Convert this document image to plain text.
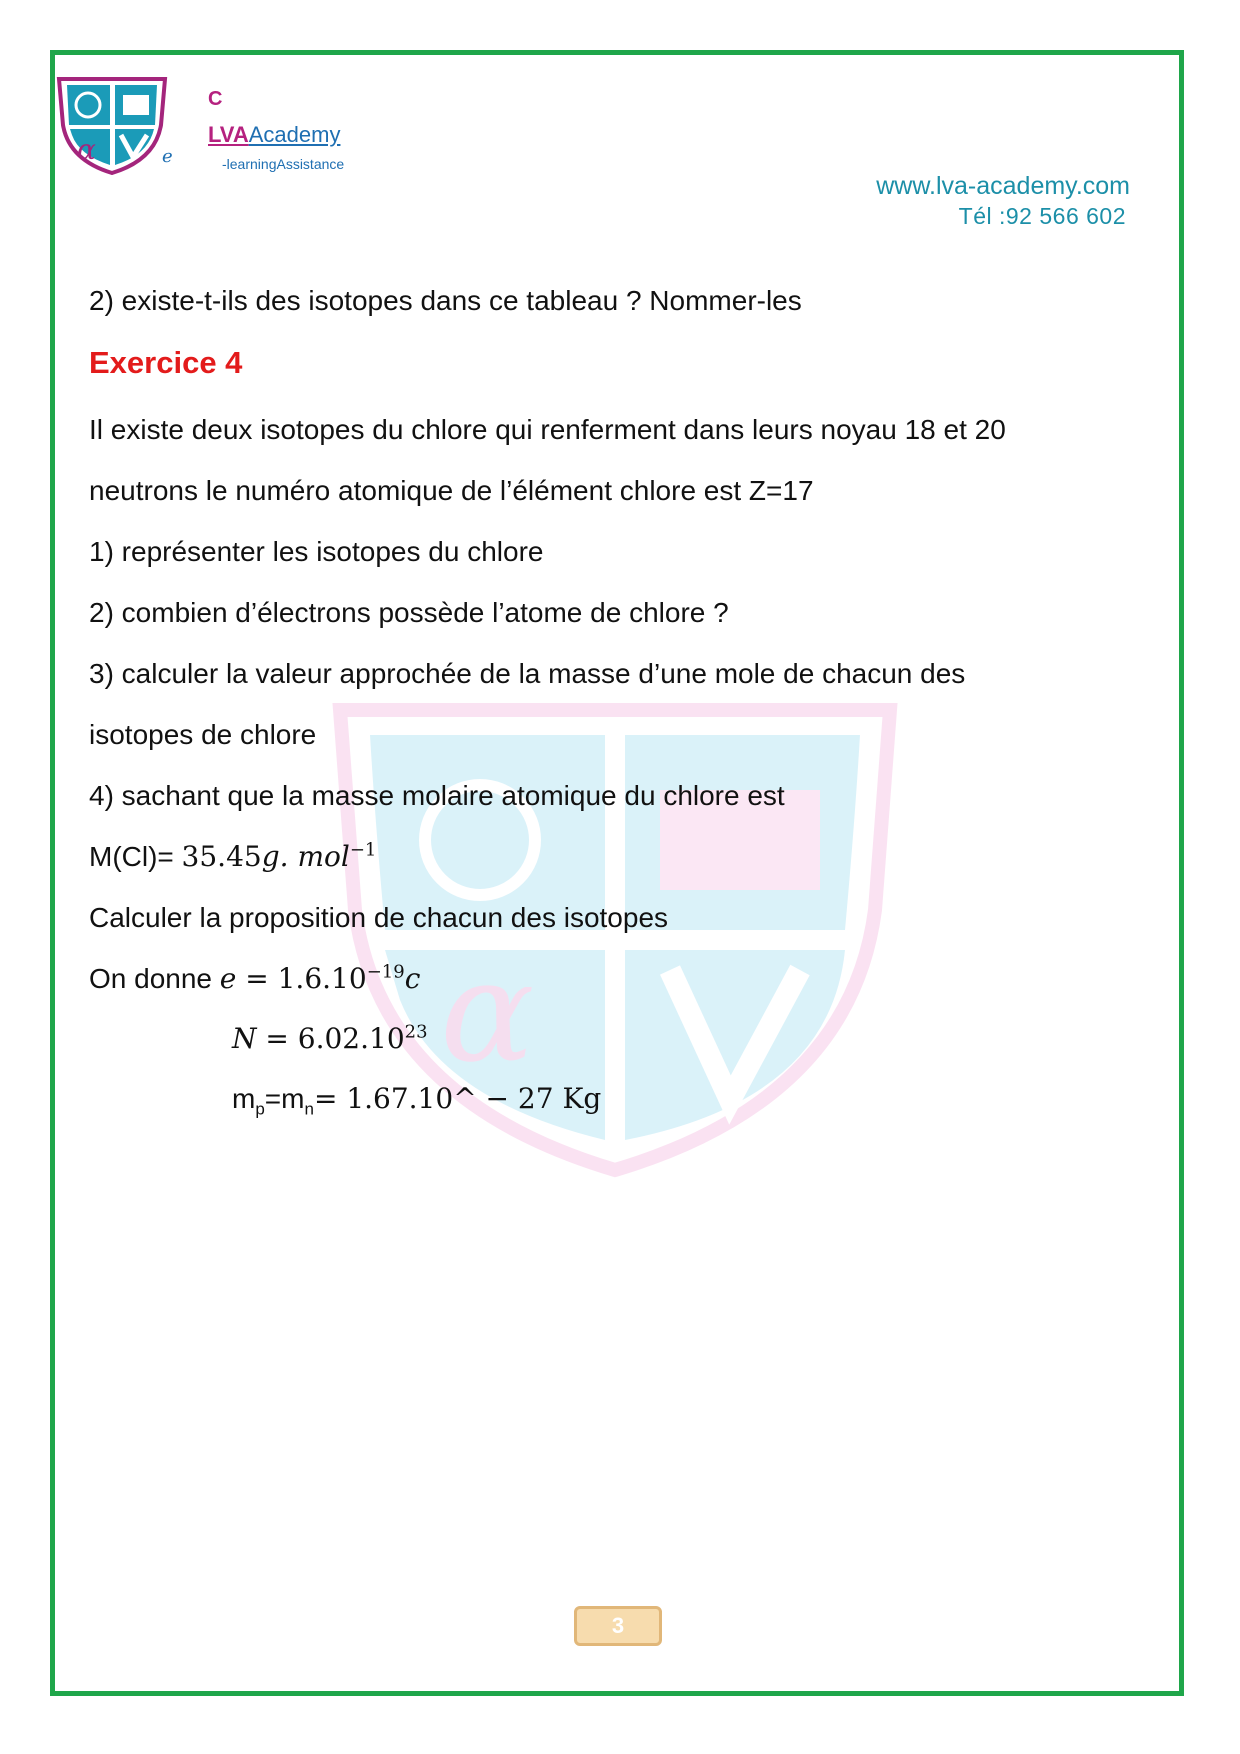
α
α	e
C
LVAAcademy
-learningAssistance
www.lva-academy.com
Tél :92 566 602
2) existe-t-ils des isotopes dans ce tableau ? Nommer-les
Exercice 4
Il existe deux isotopes du chlore qui renferment dans leurs noyau 18 et 20
neutrons le numéro atomique de l’élément chlore est Z=17
1) représenter les isotopes du chlore
2) combien d’électrons possède l’atome de chlore ?
3) calculer la valeur approchée de la masse d’une mole de chacun des
isotopes de chlore
4) sachant que la masse molaire atomique du chlore est
M(Cl)= 35.45g. mol$^{-1}$
Calculer la proposition de chacun des isotopes
On donne $e = 1.6.10^{-19}c$
$N = 6.02.10^{23}$
$m_p=m_n=$ 1.67.10^ − 27 Kg
3
